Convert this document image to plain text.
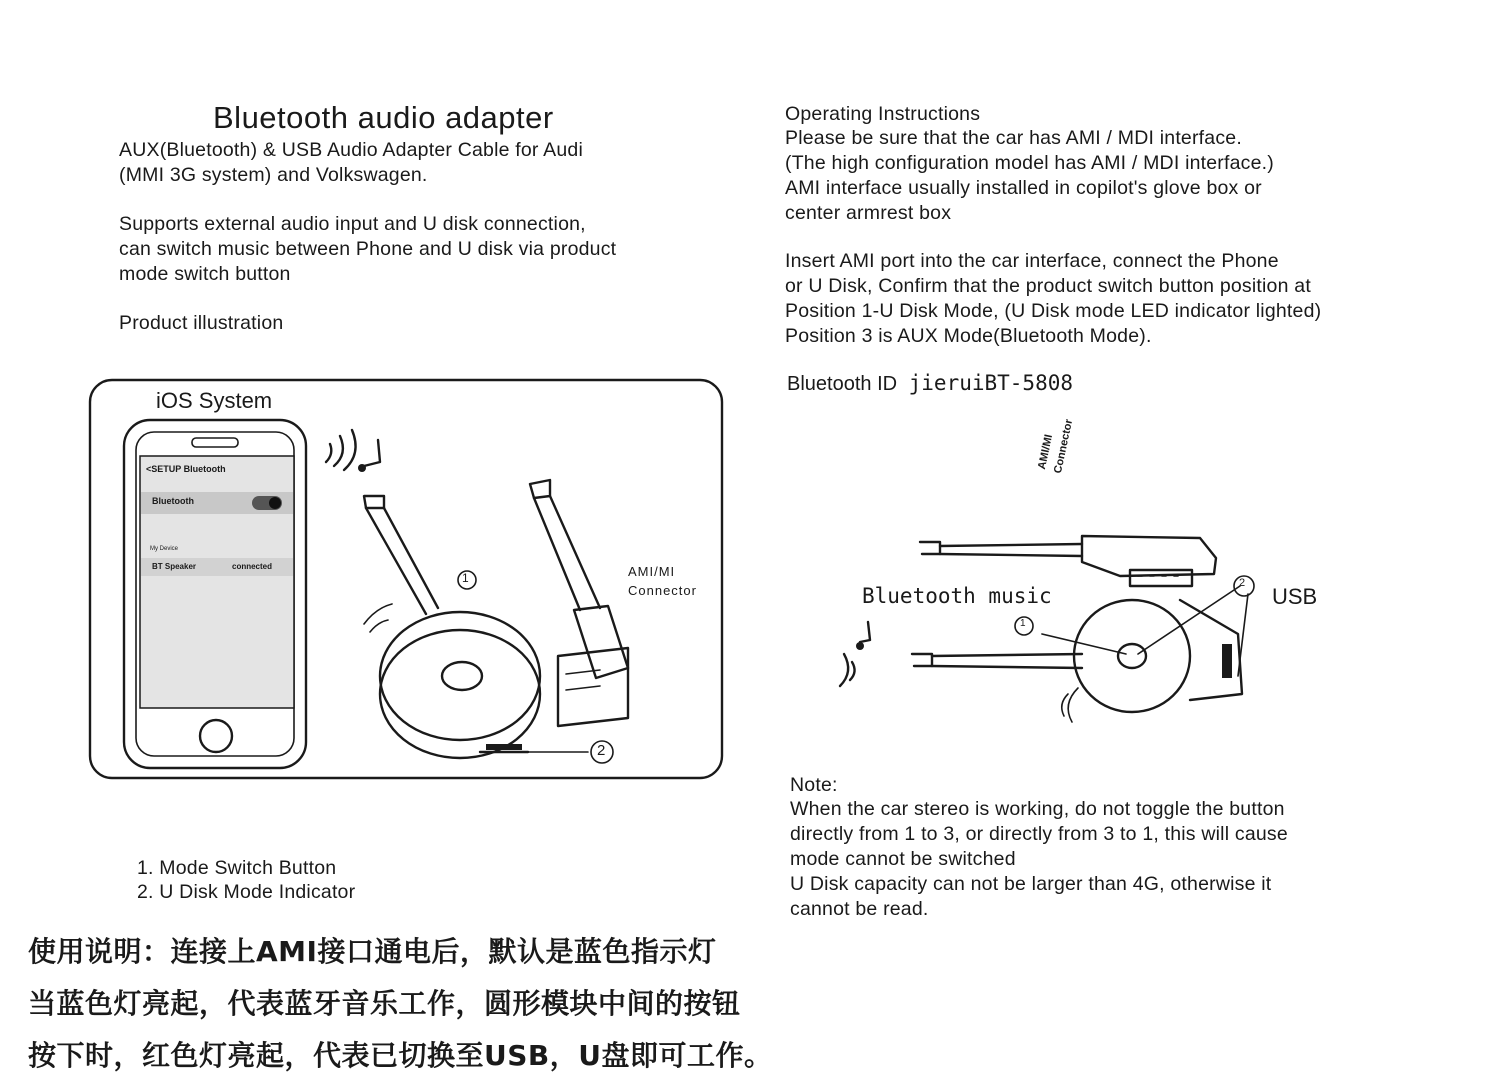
Bluetooth audio adapter
AUX(Bluetooth) & USB Audio Adapter Cable for Audi
(MMI 3G system) and Volkswagen.
Supports external audio input and U disk connection,
can switch music between Phone and U disk via product
mode switch button
Product illustration
iOS System
<SETUP Bluetooth
Bluetooth
My Device
BT Speaker	connected
1
2
AMI/MI
Connector
1. Mode Switch Button
2. U Disk Mode Indicator
使用说明：连接上AMI接口通电后，默认是蓝色指示灯
当蓝色灯亮起，代表蓝牙音乐工作，圆形模块中间的按钮
按下时，红色灯亮起，代表已切换至USB，U盘即可工作。
Operating Instructions
Please be sure that the car has AMI / MDI interface.
(The high configuration model has AMI / MDI interface.)
AMI interface usually installed in copilot's glove box or
center armrest box
Insert AMI port into the car interface, connect the Phone
or U Disk, Confirm that the product switch button position at
Position 1-U Disk Mode, (U Disk mode LED indicator lighted)
Position 3 is AUX Mode(Bluetooth Mode).
Bluetooth ID jieruiBT-5808
AMI/MI
Connector
Bluetooth music	USB
1
2
Note:
When the car stereo is working, do not toggle the button
directly from 1 to 3, or directly from 3 to 1, this will cause
mode cannot be switched
U Disk capacity can not be larger than 4G, otherwise it
cannot be read.
